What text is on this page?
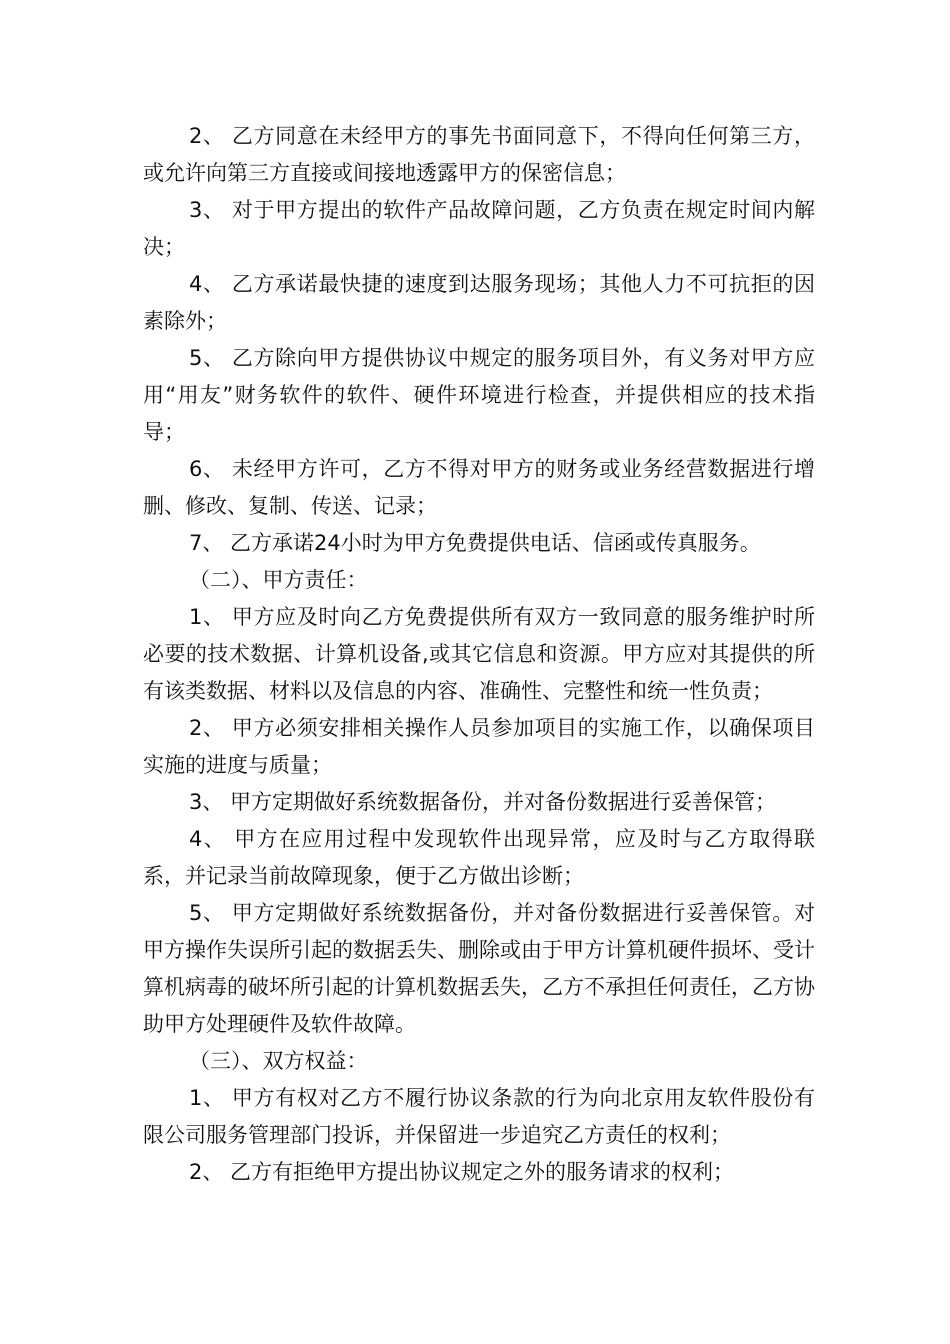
2、 乙方同意在未经甲方的事先书面同意下，不得向任何第三方，或允许向第三方直接或间接地透露甲方的保密信息；

3、 对于甲方提出的软件产品故障问题，乙方负责在规定时间内解决；

4、 乙方承诺最快捷的速度到达服务现场；其他人力不可抗拒的因素除外；

5、 乙方除向甲方提供协议中规定的服务项目外，有义务对甲方应用“用友”财务软件的软件、硬件环境进行检查，并提供相应的技术指导；

6、 未经甲方许可，乙方不得对甲方的财务或业务经营数据进行增删、修改、复制、传送、记录；

7、 乙方承诺24小时为甲方免费提供电话、信函或传真服务。

（二）、甲方责任：

1、 甲方应及时向乙方免费提供所有双方一致同意的服务维护时所必要的技术数据、计算机设备,或其它信息和资源。甲方应对其提供的所有该类数据、材料以及信息的内容、准确性、完整性和统一性负责；

2、 甲方必须安排相关操作人员参加项目的实施工作，以确保项目实施的进度与质量；

3、 甲方定期做好系统数据备份，并对备份数据进行妥善保管；

4、 甲方在应用过程中发现软件出现异常，应及时与乙方取得联系，并记录当前故障现象，便于乙方做出诊断；

5、 甲方定期做好系统数据备份，并对备份数据进行妥善保管。对甲方操作失误所引起的数据丢失、删除或由于甲方计算机硬件损坏、受计算机病毒的破坏所引起的计算机数据丢失，乙方不承担任何责任，乙方协助甲方处理硬件及软件故障。

（三）、双方权益：

1、 甲方有权对乙方不履行协议条款的行为向北京用友软件股份有限公司服务管理部门投诉，并保留进一步追究乙方责任的权利；

2、 乙方有拒绝甲方提出协议规定之外的服务请求的权利；
